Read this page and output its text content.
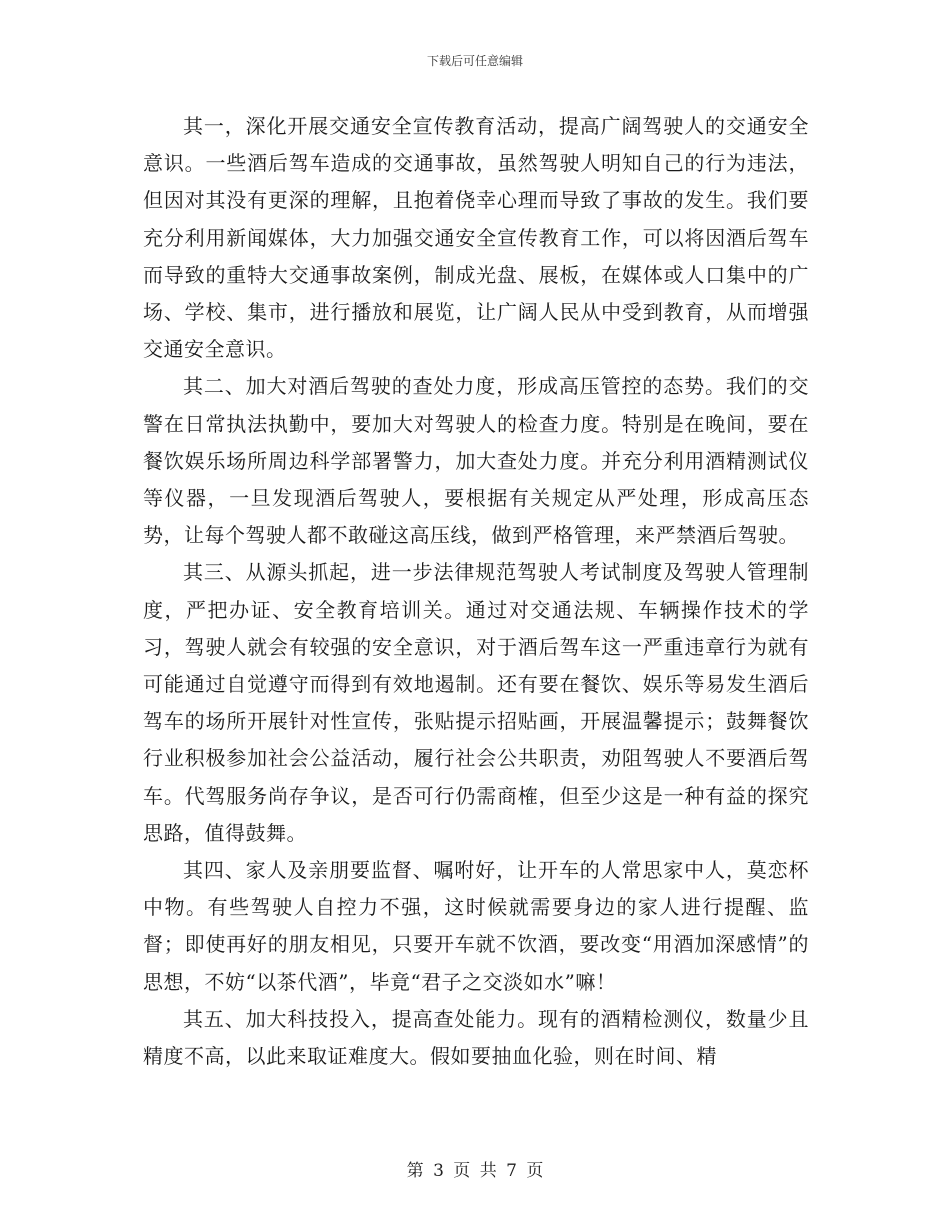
下载后可任意编辑

其一，深化开展交通安全宣传教育活动，提高广阔驾驶人的交通安全意识。一些酒后驾车造成的交通事故，虽然驾驶人明知自己的行为违法，但因对其没有更深的理解，且抱着侥幸心理而导致了事故的发生。我们要充分利用新闻媒体，大力加强交通安全宣传教育工作，可以将因酒后驾车而导致的重特大交通事故案例，制成光盘、展板，在媒体或人口集中的广场、学校、集市，进行播放和展览，让广阔人民从中受到教育，从而增强交通安全意识。

其二、加大对酒后驾驶的查处力度，形成高压管控的态势。我们的交警在日常执法执勤中，要加大对驾驶人的检查力度。特别是在晚间，要在餐饮娱乐场所周边科学部署警力，加大查处力度。并充分利用酒精测试仪等仪器，一旦发现酒后驾驶人，要根据有关规定从严处理，形成高压态势，让每个驾驶人都不敢碰这高压线，做到严格管理，来严禁酒后驾驶。

其三、从源头抓起，进一步法律规范驾驶人考试制度及驾驶人管理制度，严把办证、安全教育培训关。通过对交通法规、车辆操作技术的学习，驾驶人就会有较强的安全意识，对于酒后驾车这一严重违章行为就有可能通过自觉遵守而得到有效地遏制。还有要在餐饮、娱乐等易发生酒后驾车的场所开展针对性宣传，张贴提示招贴画，开展温馨提示；鼓舞餐饮行业积极参加社会公益活动，履行社会公共职责，劝阻驾驶人不要酒后驾车。代驾服务尚存争议，是否可行仍需商榷，但至少这是一种有益的探究思路，值得鼓舞。

其四、家人及亲朋要监督、嘱咐好，让开车的人常思家中人，莫恋杯中物。有些驾驶人自控力不强，这时候就需要身边的家人进行提醒、监督；即使再好的朋友相见，只要开车就不饮酒，要改变“用酒加深感情”的思想，不妨“以茶代酒”，毕竟“君子之交淡如水”嘛！

其五、加大科技投入，提高查处能力。现有的酒精检测仪，数量少且精度不高，以此来取证难度大。假如要抽血化验，则在时间、精

第 3 页 共 7 页
